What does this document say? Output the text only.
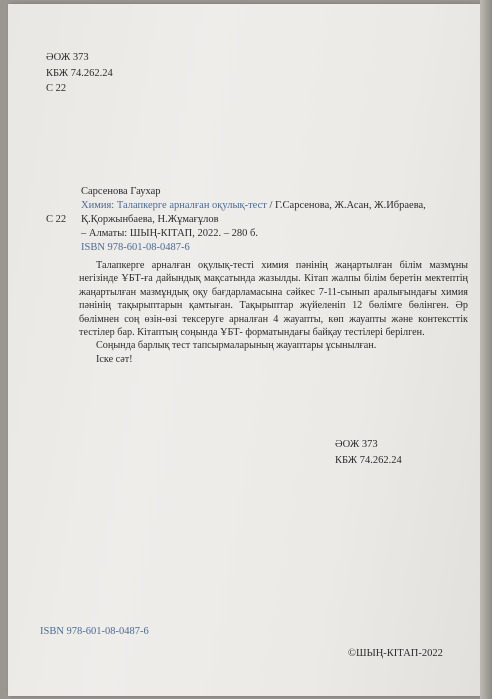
ӘОЖ 373
КБЖ 74.262.24
С 22
Сарсенова Гаухар
Химия: Талапкерге арналған оқулық-тест / Г.Сарсенова, Ж.Асан, Ж.Ибраева,
С 22 Қ.Қоржынбаева, Н.Жұмағұлов
– Алматы: ШЫҢ-КІТАП, 2022. – 280 б.
ISBN 978-601-08-0487-6

Талапкерге арналған оқулық-тесті химия пәнінің жаңартылған білім мазмұны негізінде ҰБТ-ға дайындық мақсатында жазылды. Кітап жалпы білім беретін мектептің жаңартылған мазмұндық оқу бағдарламасына сәйкес 7-11-сынып аралығындағы химия пәнінің тақырыптарын қамтыған. Тақырыптар жүйеленіп 12 бөлімге бөлінген. Әр бөлімнен соң өзін-өзі тексеруге арналған 4 жауапты, көп жауапты және контексттік тестілер бар. Кітаптың соңында ҰБТ- форматындағы байқау тестілері берілген.

Соңында барлық тест тапсырмаларының жауаптары ұсынылған.

Іске сәт!

ӘОЖ 373
КБЖ 74.262.24
ISBN 978-601-08-0487-6
©ШЫҢ-КІТАП-2022
